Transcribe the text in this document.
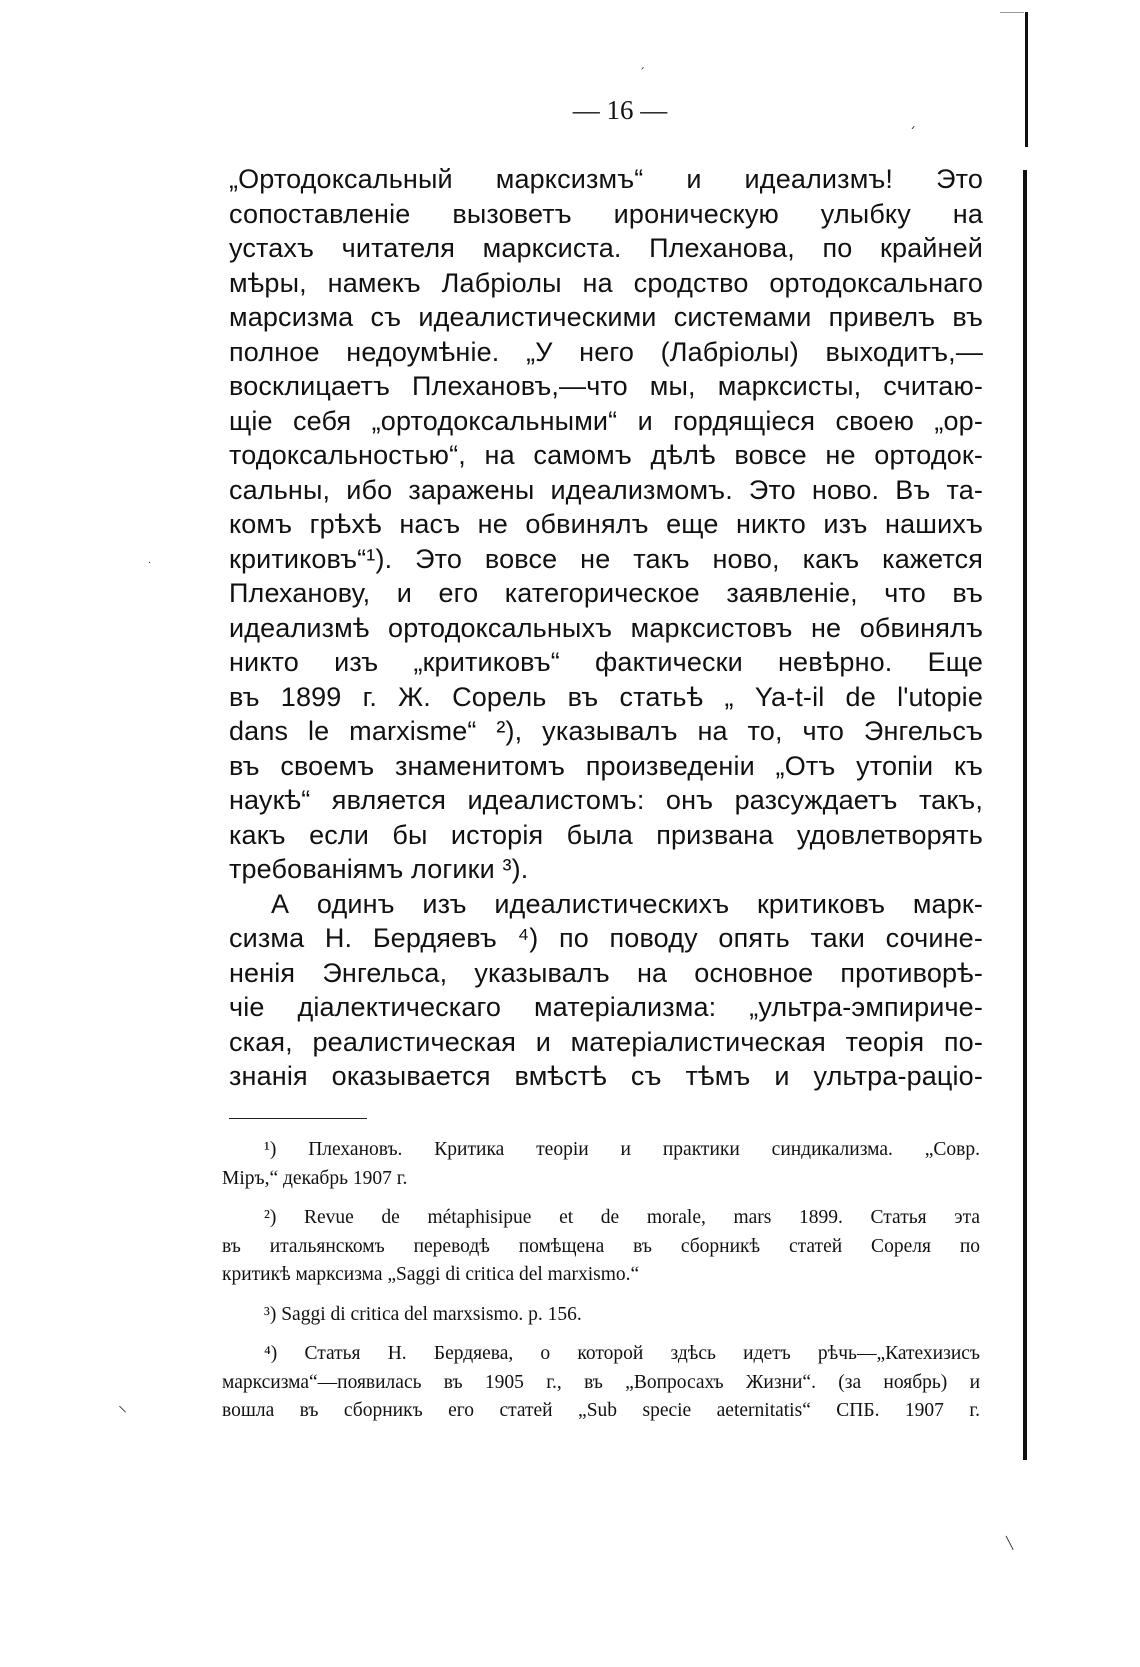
— 16 —
„Ортодоксальный марксизмъ“ и идеализмъ! Это
сопоставленіе вызоветъ ироническую улыбку на
устахъ читателя марксиста. Плеханова, по крайней
мѣры, намекъ Лабріолы на сродство ортодоксальнаго
марсизма съ идеалистическими системами привелъ въ
полное недоумѣніе. „У него (Лабріолы) выходитъ,—
восклицаетъ Плехановъ,—что мы, марксисты, считаю-
щіе себя „ортодоксальными“ и гордящіеся своею „ор-
тодоксальностью“, на самомъ дѣлѣ вовсе не ортодок-
сальны, ибо заражены идеализмомъ. Это ново. Въ та-
комъ грѣхѣ насъ не обвинялъ еще никто изъ нашихъ
критиковъ“¹). Это вовсе не такъ ново, какъ кажется
Плеханову, и его категорическое заявленіе, что въ
идеализмѣ ортодоксальныхъ марксистовъ не обвинялъ
никто изъ „критиковъ“ фактически невѣрно. Еще
въ 1899 г. Ж. Сорель въ статьѣ „ Ya-t-il de l'utopie
dans le marxisme“ ²), указывалъ на то, что Энгельсъ
въ своемъ знаменитомъ произведеніи „Отъ утопіи къ
наукѣ“ является идеалистомъ: онъ разсуждаетъ такъ,
какъ если бы исторія была призвана удовлетворять
требованіямъ логики ³).
А одинъ изъ идеалистическихъ критиковъ марк-
сизма Н. Бердяевъ ⁴) по поводу опять таки сочине-
ненія Энгельса, указывалъ на основное противорѣ-
чіе діалектическаго матеріализма: „ультра-эмпириче-
ская, реалистическая и матеріалистическая теорія по-
знанія оказывается вмѣстѣ съ тѣмъ и ультра-раціо-
¹) Плехановъ. Критика теоріи и практики синдикализма. „Совр.
Міръ,“ декабрь 1907 г.
²) Revue de métaphisipue et de morale, mars 1899. Статья эта
въ итальянскомъ переводѣ помѣщена въ сборникѣ статей Сореля по
критикѣ марксизма „Saggi di critica del marxismo.“
³) Saggi di critica del marxsismo. p. 156.
⁴) Статья Н. Бердяева, о которой здѣсь идетъ рѣчь—„Катехизисъ
марксизма“—появилась въ 1905 г., въ „Вопросахъ Жизни“. (за ноябрь) и
вошла въ сборникъ его статей „Sub specie aeternitatis“ СПБ. 1907 г.
ˊ
ˊ
·
⸜
╲
